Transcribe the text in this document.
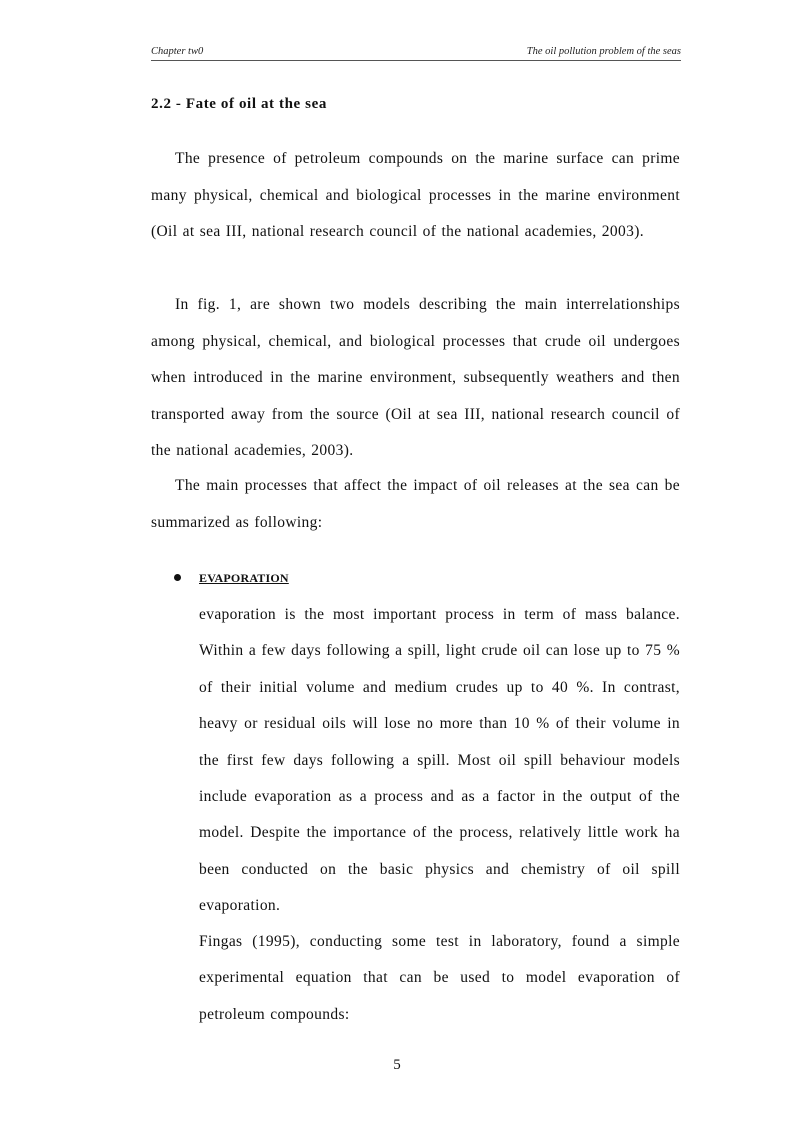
Chapter tw0	The oil pollution problem of the seas
2.2 - Fate of oil at the sea

The presence of petroleum compounds on the marine surface can prime many physical, chemical and biological processes in the marine environment (Oil at sea III, national research council of the national academies, 2003).

In fig. 1, are shown two models describing the main interrelationships among physical, chemical, and biological processes that crude oil undergoes when introduced in the marine environment, subsequently weathers and then transported away from the source (Oil at sea III, national research council of the national academies, 2003).

The main processes that affect the impact of oil releases at the sea can be summarized as following:

EVAPORATION

evaporation is the most important process in term of mass balance. Within a few days following a spill, light crude oil can lose up to 75 % of their initial volume and medium crudes up to 40 %. In contrast, heavy or residual oils will lose no more than 10 % of their volume in the first few days following a spill. Most oil spill behaviour models include evaporation as a process and as a factor in the output of the model. Despite the importance of the process, relatively little work ha been conducted on the basic physics and chemistry of oil spill evaporation.

Fingas (1995), conducting some test in laboratory, found a simple experimental equation that can be used to model evaporation of petroleum compounds:

5
